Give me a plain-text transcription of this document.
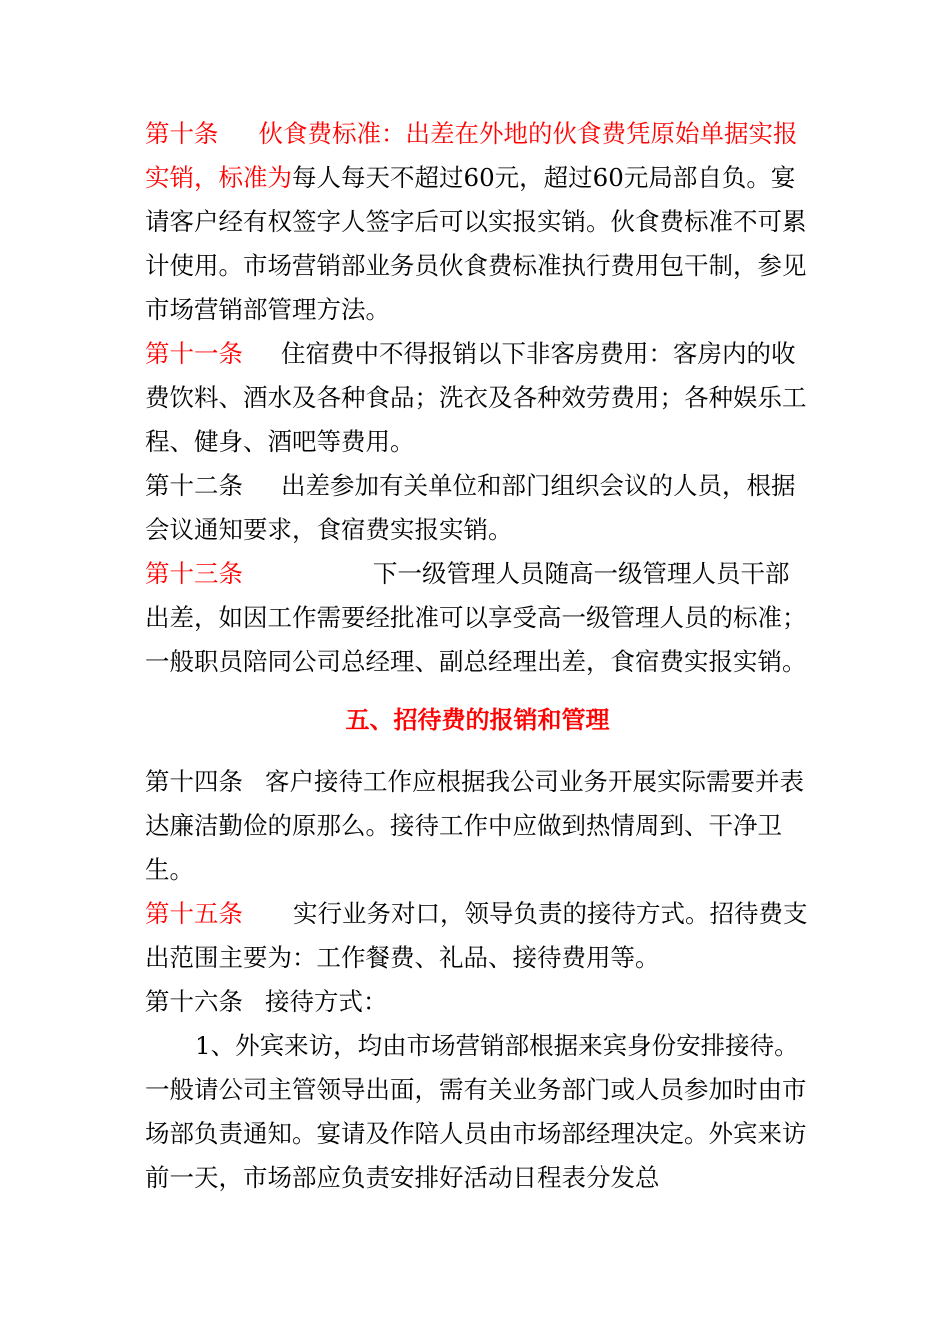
第十条 伙食费标准：出差在外地的伙食费凭原始单据实报实销，标准为每人每天不超过60元，超过60元局部自负。宴请客户经有权签字人签字后可以实报实销。伙食费标准不可累计使用。市场营销部业务员伙食费标准执行费用包干制，参见市场营销部管理方法。

第十一条 住宿费中不得报销以下非客房费用：客房内的收费饮料、酒水及各种食品；洗衣及各种效劳费用；各种娱乐工程、健身、酒吧等费用。

第十二条 出差参加有关单位和部门组织会议的人员，根据会议通知要求，食宿费实报实销。

第十三条	下一级管理人员随高一级管理人员干部出差，如因工作需要经批准可以享受高一级管理人员的标准；一般职员陪同公司总经理、副总经理出差，食宿费实报实销。

五、招待费的报销和管理

第十四条 客户接待工作应根据我公司业务开展实际需要并表达廉洁勤俭的原那么。接待工作中应做到热情周到、干净卫生。

第十五条 实行业务对口，领导负责的接待方式。招待费支出范围主要为：工作餐费、礼品、接待费用等。

第十六条 接待方式：

1、外宾来访，均由市场营销部根据来宾身份安排接待。一般请公司主管领导出面，需有关业务部门或人员参加时由市场部负责通知。宴请及作陪人员由市场部经理决定。外宾来访前一天，市场部应负责安排好活动日程表分发总
